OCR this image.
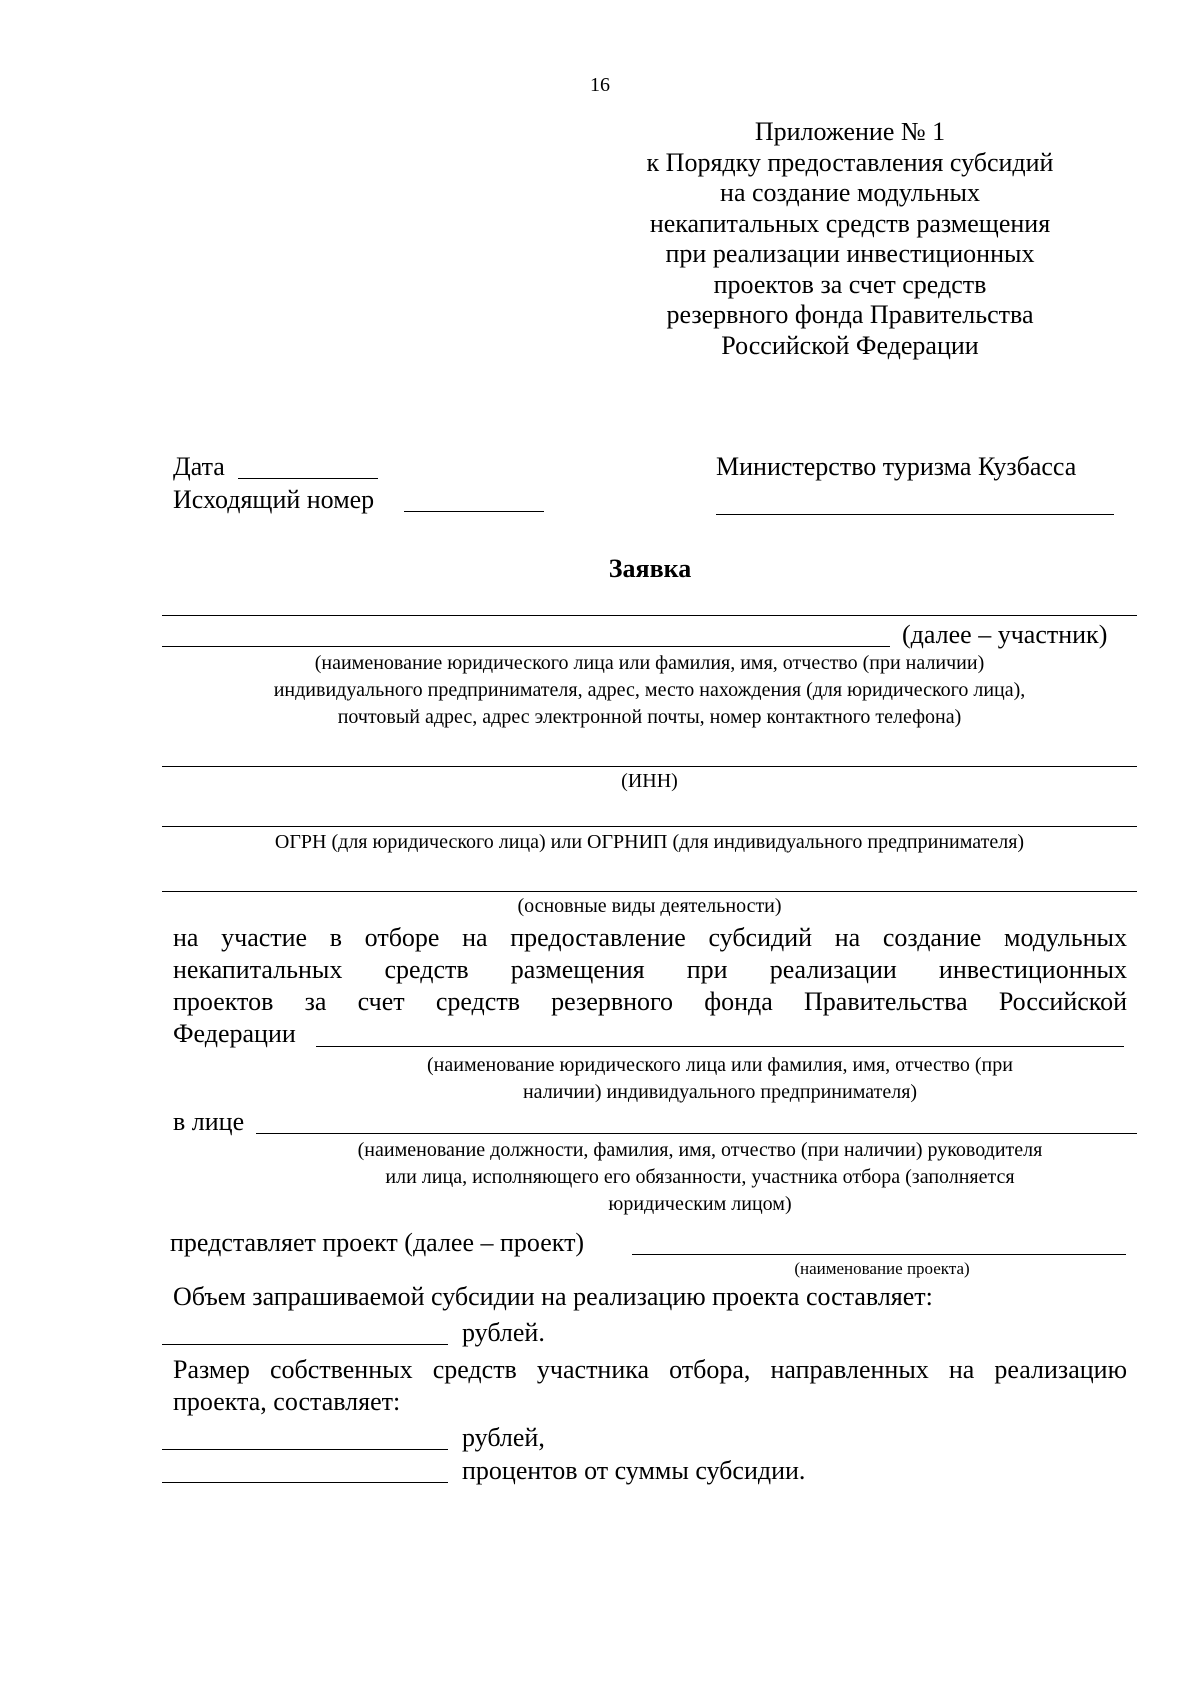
16
Приложение № 1
к Порядку предоставления субсидий
на создание модульных
некапитальных средств размещения
при реализации инвестиционных
проектов за счет средств
резервного фонда Правительства
Российской Федерации
Дата
Исходящий номер
Министерство туризма Кузбасса
Заявка
(далее – участник)
(наименование юридического лица или фамилия, имя, отчество (при наличии)
индивидуального предпринимателя, адрес, место нахождения (для юридического лица),
почтовый адрес, адрес электронной почты, номер контактного телефона)
(ИНН)
ОГРН (для юридического лица) или ОГРНИП (для индивидуального предпринимателя)
(основные виды деятельности)
на участие в отборе на предоставление субсидий на создание модульных
некапитальных средств размещения при реализации инвестиционных
проектов за счет средств резервного фонда Правительства Российской
Федерации
(наименование юридического лица или фамилия, имя, отчество (при
наличии) индивидуального предпринимателя)
в лице
(наименование должности, фамилия, имя, отчество (при наличии) руководителя
или лица, исполняющего его обязанности, участника отбора (заполняется
юридическим лицом)
представляет проект (далее – проект)
(наименование проекта)
Объем запрашиваемой субсидии на реализацию проекта составляет:
рублей.
Размер собственных средств участника отбора, направленных на реализацию
проекта, составляет:
рублей,
процентов от суммы субсидии.
